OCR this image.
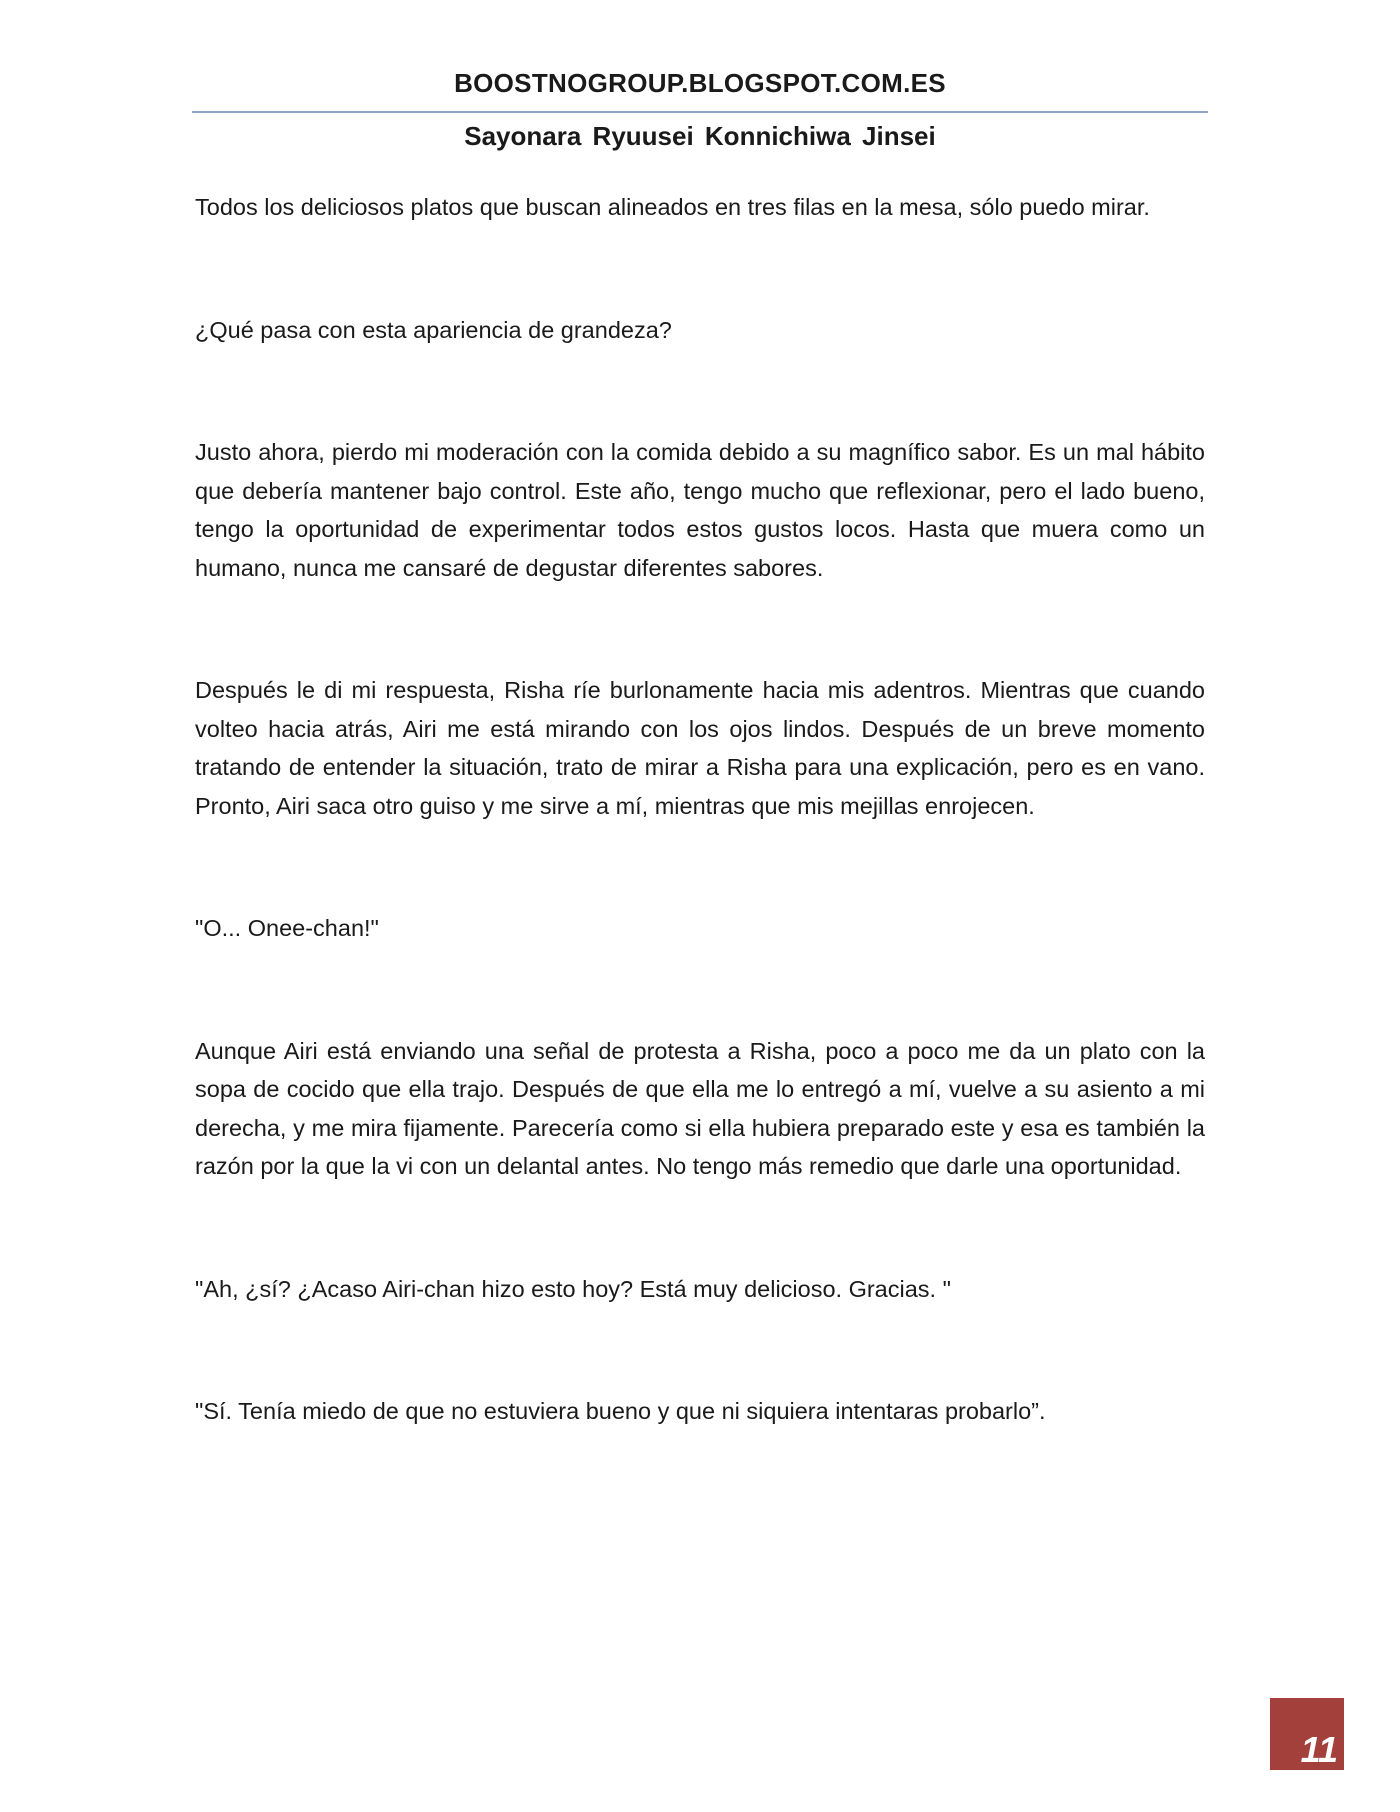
BOOSTNOGROUP.BLOGSPOT.COM.ES
Sayonara Ryuusei Konnichiwa Jinsei

Todos los deliciosos platos que buscan alineados en tres filas en la mesa, sólo puedo mirar.

¿Qué pasa con esta apariencia de grandeza?

Justo ahora, pierdo mi moderación con la comida debido a su magnífico sabor. Es un mal hábito que debería mantener bajo control. Este año, tengo mucho que reflexionar, pero el lado bueno, tengo la oportunidad de experimentar todos estos gustos locos. Hasta que muera como un humano, nunca me cansaré de degustar diferentes sabores.

Después le di mi respuesta, Risha ríe burlonamente hacia mis adentros. Mientras que cuando volteo hacia atrás, Airi me está mirando con los ojos lindos. Después de un breve momento tratando de entender la situación, trato de mirar a Risha para una explicación, pero es en vano. Pronto, Airi saca otro guiso y me sirve a mí, mientras que mis mejillas enrojecen.

"O... Onee-chan!"

Aunque Airi está enviando una señal de protesta a Risha, poco a poco me da un plato con la sopa de cocido que ella trajo. Después de que ella me lo entregó a mí, vuelve a su asiento a mi derecha, y me mira fijamente. Parecería como si ella hubiera preparado este y esa es también la razón por la que la vi con un delantal antes. No tengo más remedio que darle una oportunidad.

"Ah, ¿sí? ¿Acaso Airi-chan hizo esto hoy? Está muy delicioso. Gracias. "

"Sí. Tenía miedo de que no estuviera bueno y que ni siquiera intentaras probarlo”.

11
